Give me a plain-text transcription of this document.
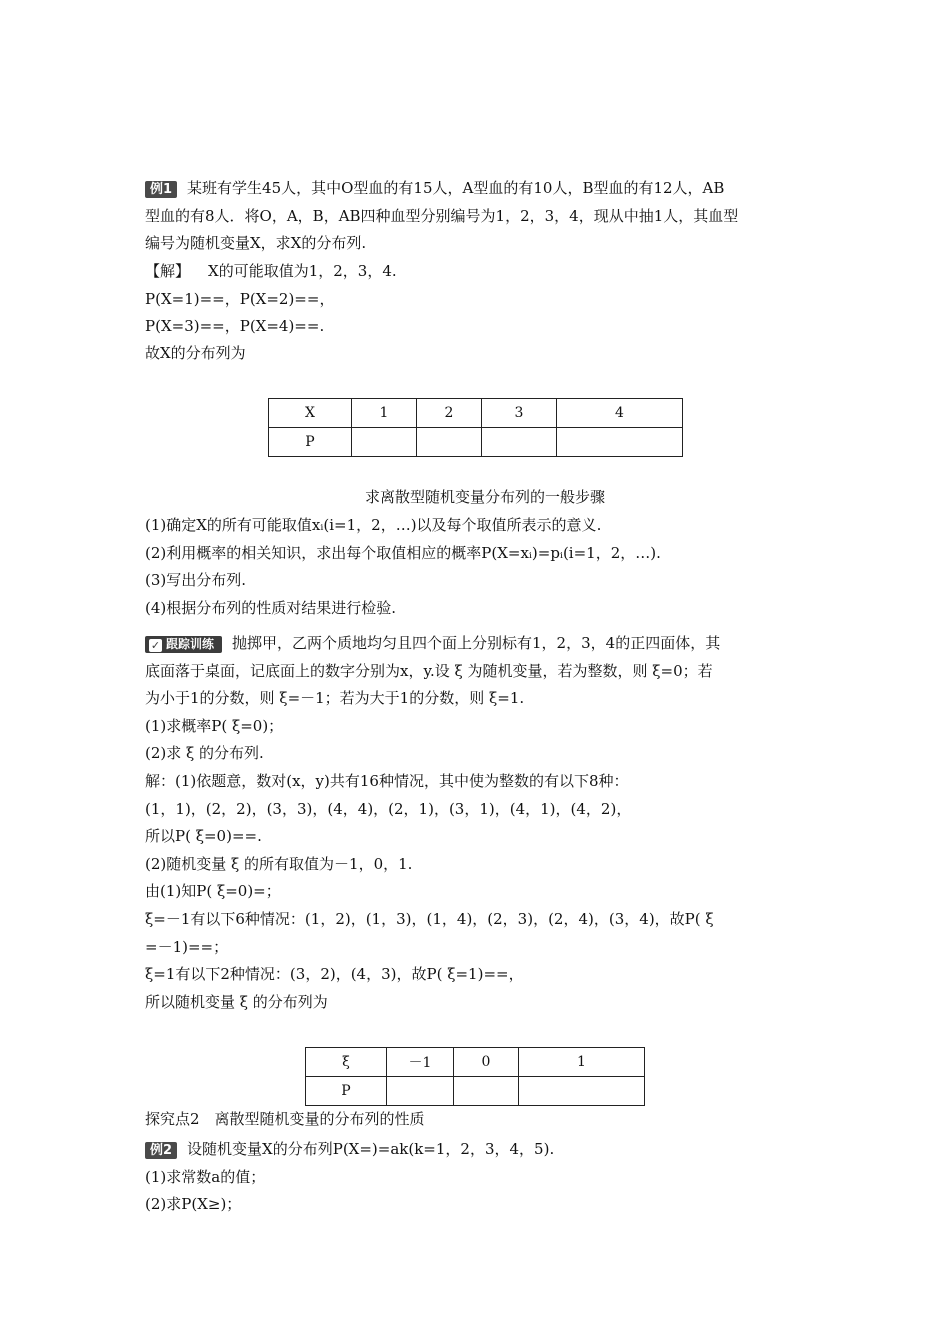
例1 某班有学生45人，其中O型血的有15人，A型血的有10人，B型血的有12人，AB
型血的有8人．将O，A，B，AB四种血型分别编号为1，2，3，4，现从中抽1人，其血型
编号为随机变量X，求X的分布列.
【解】 X的可能取值为1，2，3，4.
P(X=1)==，P(X=2)==，
P(X=3)==，P(X=4)==.
故X的分布列为
X	1	2	3	4
P				
求离散型随机变量分布列的一般步骤
(1)确定X的所有可能取值xᵢ(i=1，2，…)以及每个取值所表示的意义.
(2)利用概率的相关知识，求出每个取值相应的概率P(X=xᵢ)=pᵢ(i=1，2，…).
(3)写出分布列.
(4)根据分布列的性质对结果进行检验.
✓ 跟踪训练 抛掷甲，乙两个质地均匀且四个面上分别标有1，2，3，4的正四面体，其
底面落于桌面，记底面上的数字分别为x，y.设 ξ 为随机变量，若为整数，则 ξ=0；若
为小于1的分数，则 ξ=－1；若为大于1的分数，则 ξ=1.
(1)求概率P( ξ=0)；
(2)求 ξ 的分布列.
解：(1)依题意，数对(x，y)共有16种情况，其中使为整数的有以下8种：
(1，1)，(2，2)，(3，3)，(4，4)，(2，1)，(3，1)，(4，1)，(4，2)，
所以P( ξ=0)==.
(2)随机变量 ξ 的所有取值为－1，0，1.
由(1)知P( ξ=0)=；
ξ=－1有以下6种情况：(1，2)，(1，3)，(1，4)，(2，3)，(2，4)，(3，4)，故P( ξ
=－1)==；
ξ=1有以下2种情况：(3，2)，(4，3)，故P( ξ=1)==，
所以随机变量 ξ 的分布列为
ξ	－1	0	1
P			
探究点2　离散型随机变量的分布列的性质
例2 设随机变量X的分布列P(X=)=ak(k=1，2，3，4，5).
(1)求常数a的值；
(2)求P(X≥)；
